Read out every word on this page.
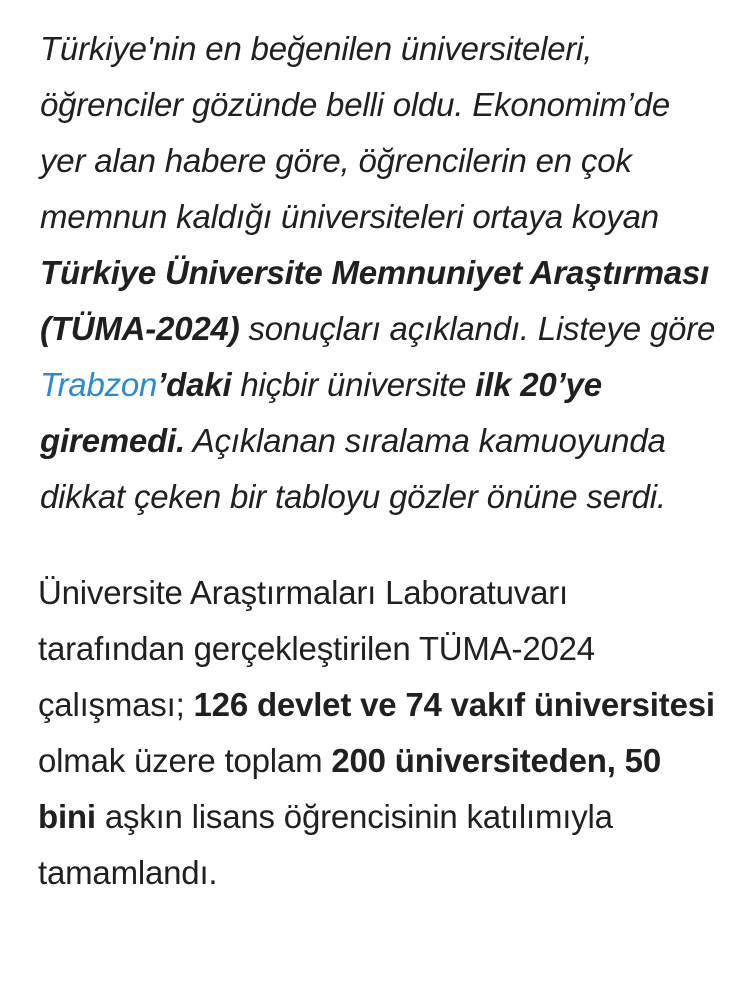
Türkiye'nin en beğenilen üniversiteleri, öğrenciler gözünde belli oldu. Ekonomim’de yer alan habere göre, öğrencilerin en çok memnun kaldığı üniversiteleri ortaya koyan Türkiye Üniversite Memnuniyet Araştırması (TÜMA-2024) sonuçları açıklandı. Listeye göre Trabzon’daki hiçbir üniversite ilk 20’ye giremedi. Açıklanan sıralama kamuoyunda dikkat çeken bir tabloyu gözler önüne serdi.

Üniversite Araştırmaları Laboratuvarı tarafından gerçekleştirilen TÜMA-2024 çalışması; 126 devlet ve 74 vakıf üniversitesi olmak üzere toplam 200 üniversiteden, 50 bini aşkın lisans öğrencisinin katılımıyla tamamlandı.
